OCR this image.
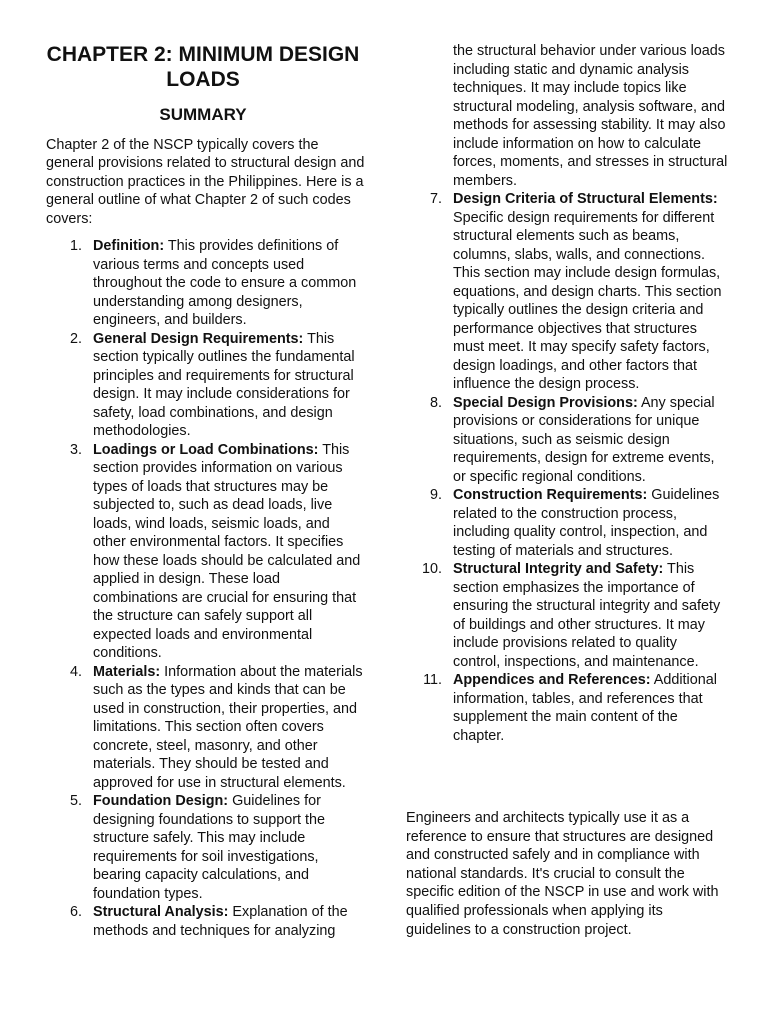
CHAPTER 2: MINIMUM DESIGN LOADS
SUMMARY

Chapter 2 of the NSCP typically covers the general provisions related to structural design and construction practices in the Philippines. Here is a general outline of what Chapter 2 of such codes covers:

1. Definition: This provides definitions of various terms and concepts used throughout the code to ensure a common understanding among designers, engineers, and builders.
2. General Design Requirements: This section typically outlines the fundamental principles and requirements for structural design. It may include considerations for safety, load combinations, and design methodologies.
3. Loadings or Load Combinations: This section provides information on various types of loads that structures may be subjected to, such as dead loads, live loads, wind loads, seismic loads, and other environmental factors. It specifies how these loads should be calculated and applied in design. These load combinations are crucial for ensuring that the structure can safely support all expected loads and environmental conditions.
4. Materials: Information about the materials such as the types and kinds that can be used in construction, their properties, and limitations. This section often covers concrete, steel, masonry, and other materials. They should be tested and approved for use in structural elements.
5. Foundation Design: Guidelines for designing foundations to support the structure safely. This may include requirements for soil investigations, bearing capacity calculations, and foundation types.
6. Structural Analysis: Explanation of the methods and techniques for analyzing
the structural behavior under various loads including static and dynamic analysis techniques. It may include topics like structural modeling, analysis software, and methods for assessing stability. It may also include information on how to calculate forces, moments, and stresses in structural members.
7. Design Criteria of Structural Elements: Specific design requirements for different structural elements such as beams, columns, slabs, walls, and connections. This section may include design formulas, equations, and design charts. This section typically outlines the design criteria and performance objectives that structures must meet. It may specify safety factors, design loadings, and other factors that influence the design process.
8. Special Design Provisions: Any special provisions or considerations for unique situations, such as seismic design requirements, design for extreme events, or specific regional conditions.
9. Construction Requirements: Guidelines related to the construction process, including quality control, inspection, and testing of materials and structures.
10. Structural Integrity and Safety: This section emphasizes the importance of ensuring the structural integrity and safety of buildings and other structures. It may include provisions related to quality control, inspections, and maintenance.
11. Appendices and References: Additional information, tables, and references that supplement the main content of the chapter.

Engineers and architects typically use it as a reference to ensure that structures are designed and constructed safely and in compliance with national standards. It's crucial to consult the specific edition of the NSCP in use and work with qualified professionals when applying its guidelines to a construction project.
